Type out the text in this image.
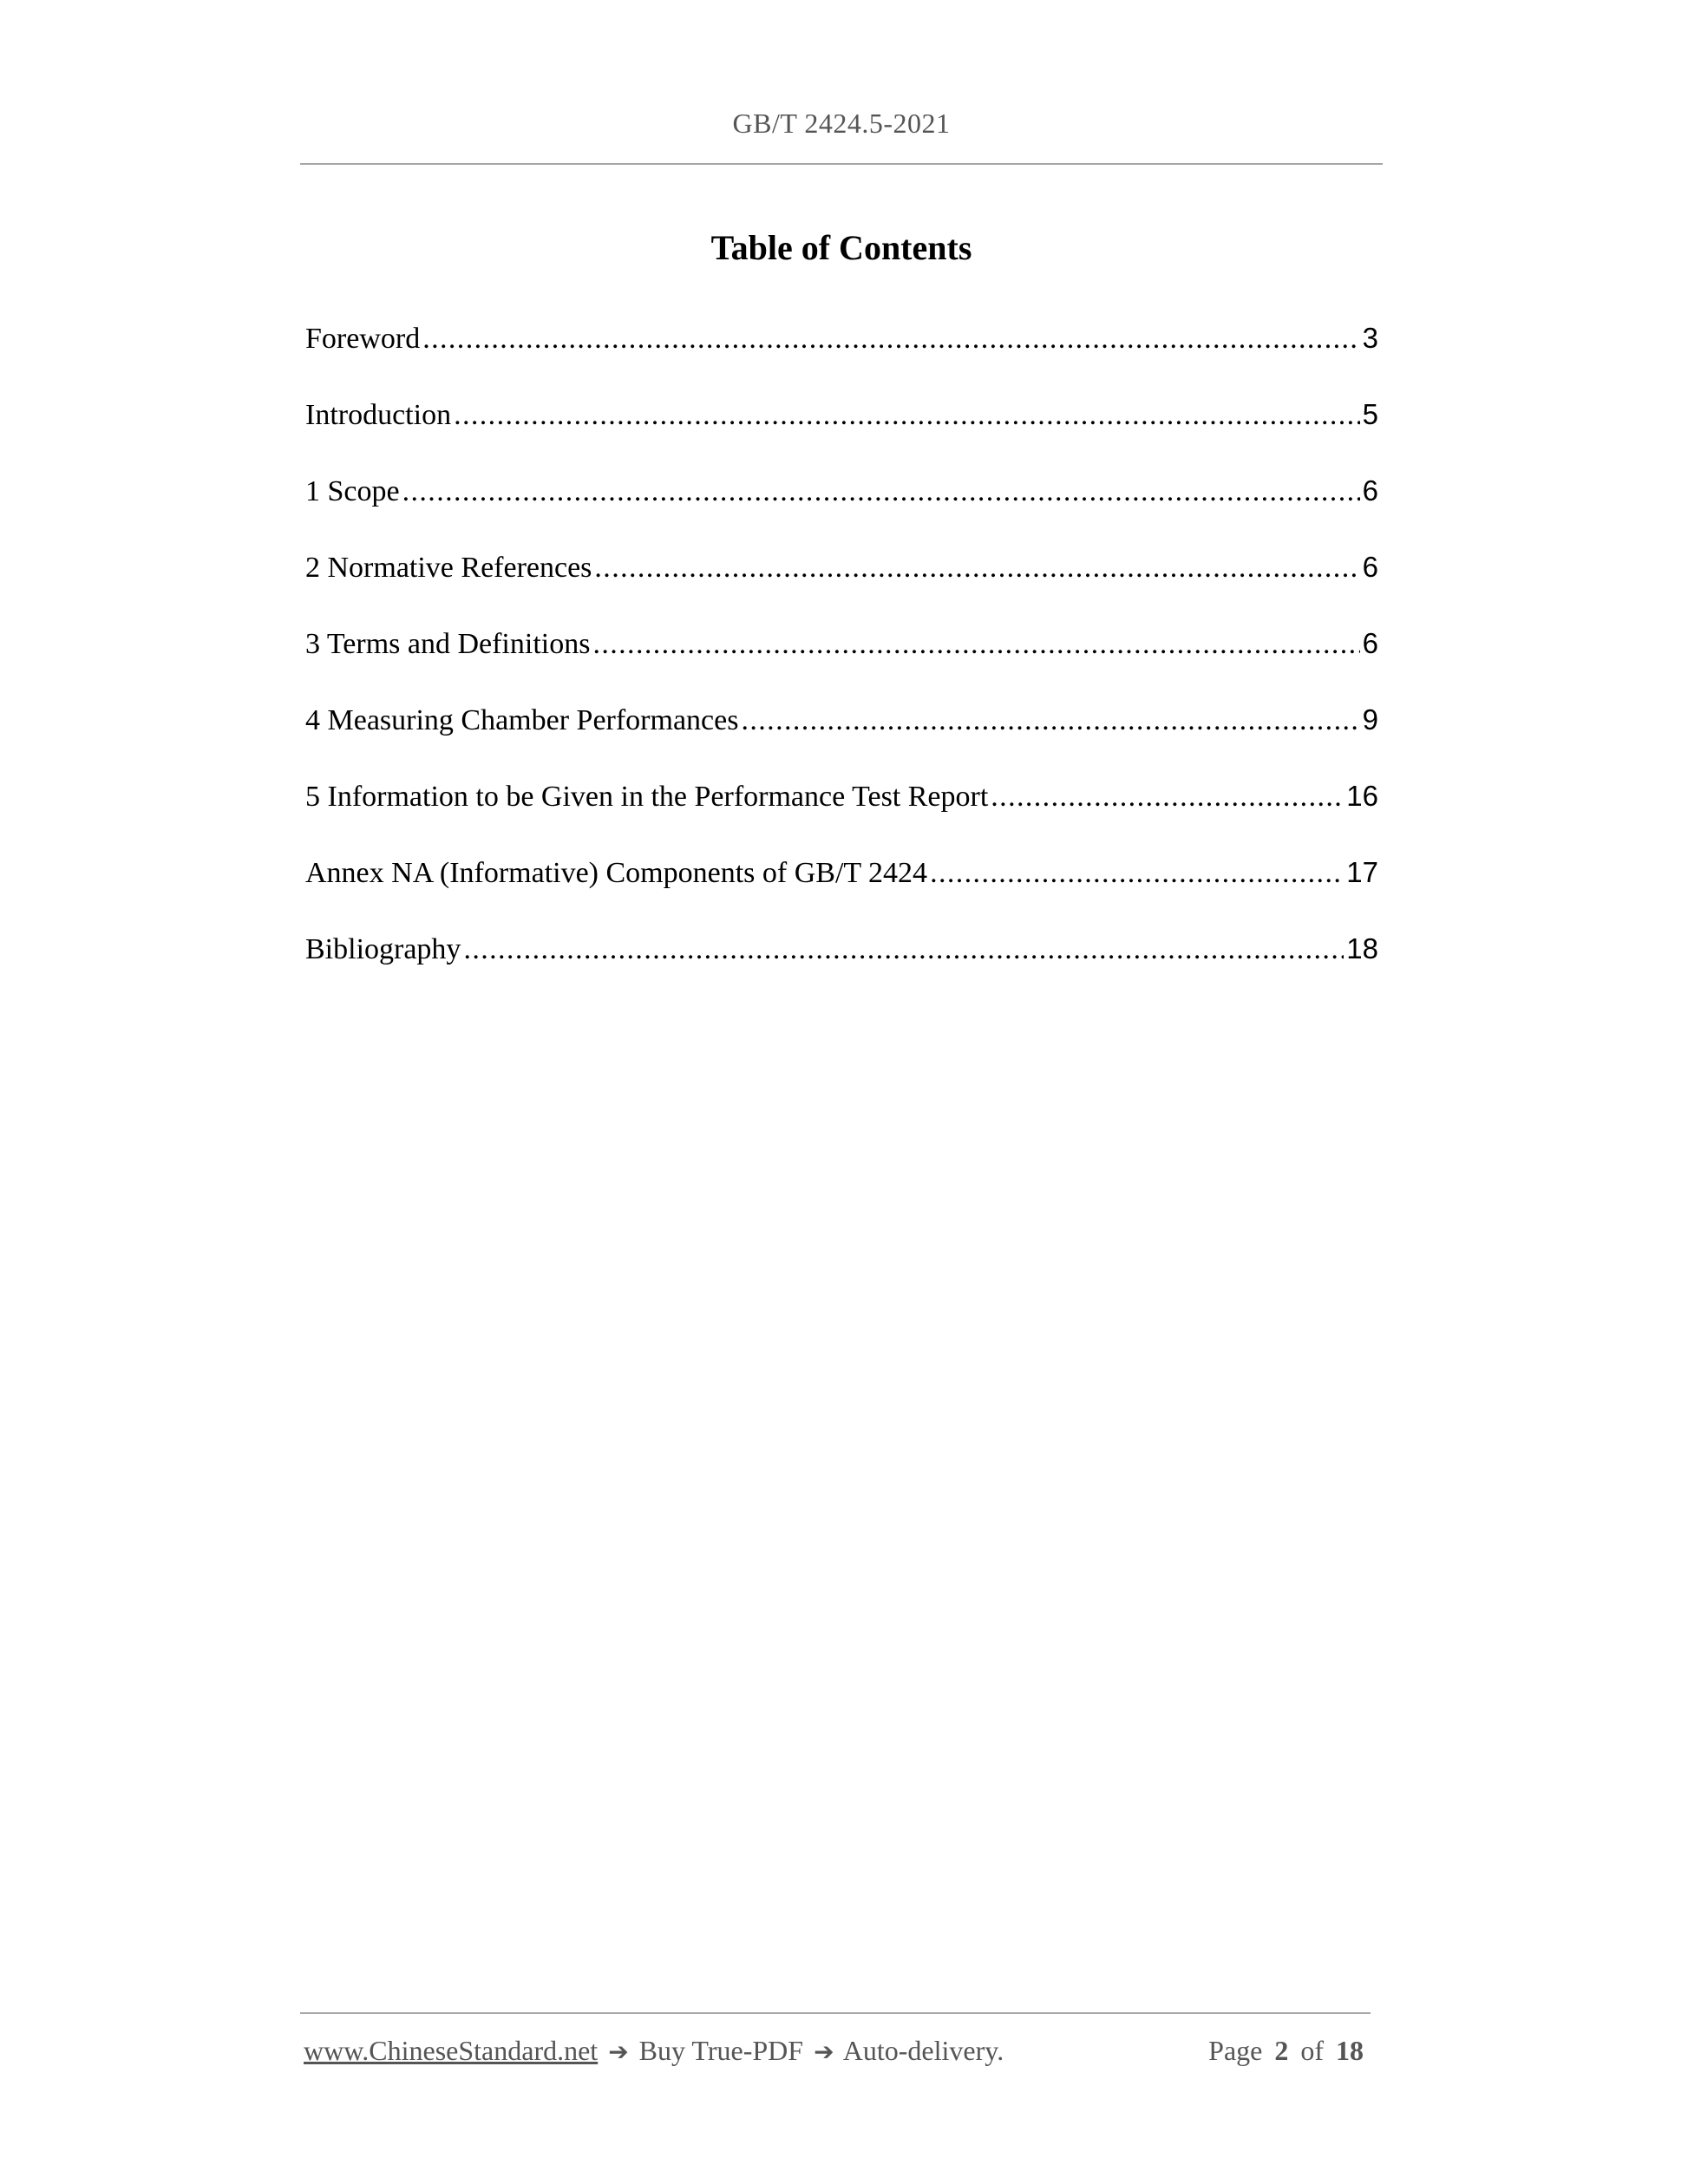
GB/T 2424.5-2021
Table of Contents
Foreword .....	3
Introduction .....	5
1 Scope .....	6
2 Normative References .....	6
3 Terms and Definitions .....	6
4 Measuring Chamber Performances .....	9
5 Information to be Given in the Performance Test Report .....	16
Annex NA (Informative) Components of GB/T 2424 .....	17
Bibliography .....	18
www.ChineseStandard.net ➔ Buy True-PDF ➔ Auto-delivery.	Page 2 of 18
